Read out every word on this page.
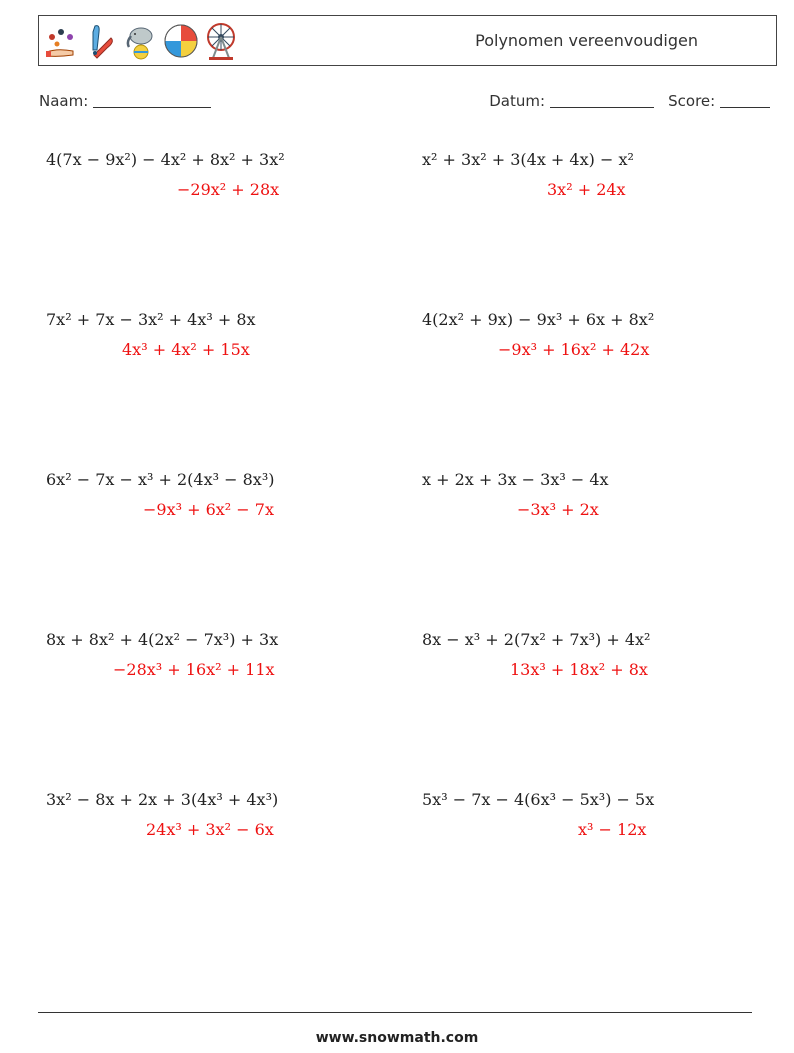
Polynomen vereenvoudigen
Naam:	Datum:	Score:
4(7x − 9x²) − 4x² + 8x² + 3x²
−29x² + 28x
x² + 3x² + 3(4x + 4x) − x²
3x² + 24x
7x² + 7x − 3x² + 4x³ + 8x
4x³ + 4x² + 15x
4(2x² + 9x) − 9x³ + 6x + 8x²
−9x³ + 16x² + 42x
6x² − 7x − x³ + 2(4x³ − 8x³)
−9x³ + 6x² − 7x
x + 2x + 3x − 3x³ − 4x
−3x³ + 2x
8x + 8x² + 4(2x² − 7x³) + 3x
−28x³ + 16x² + 11x
8x − x³ + 2(7x² + 7x³) + 4x²
13x³ + 18x² + 8x
3x² − 8x + 2x + 3(4x³ + 4x³)
24x³ + 3x² − 6x
5x³ − 7x − 4(6x³ − 5x³) − 5x
x³ − 12x
www.snowmath.com
